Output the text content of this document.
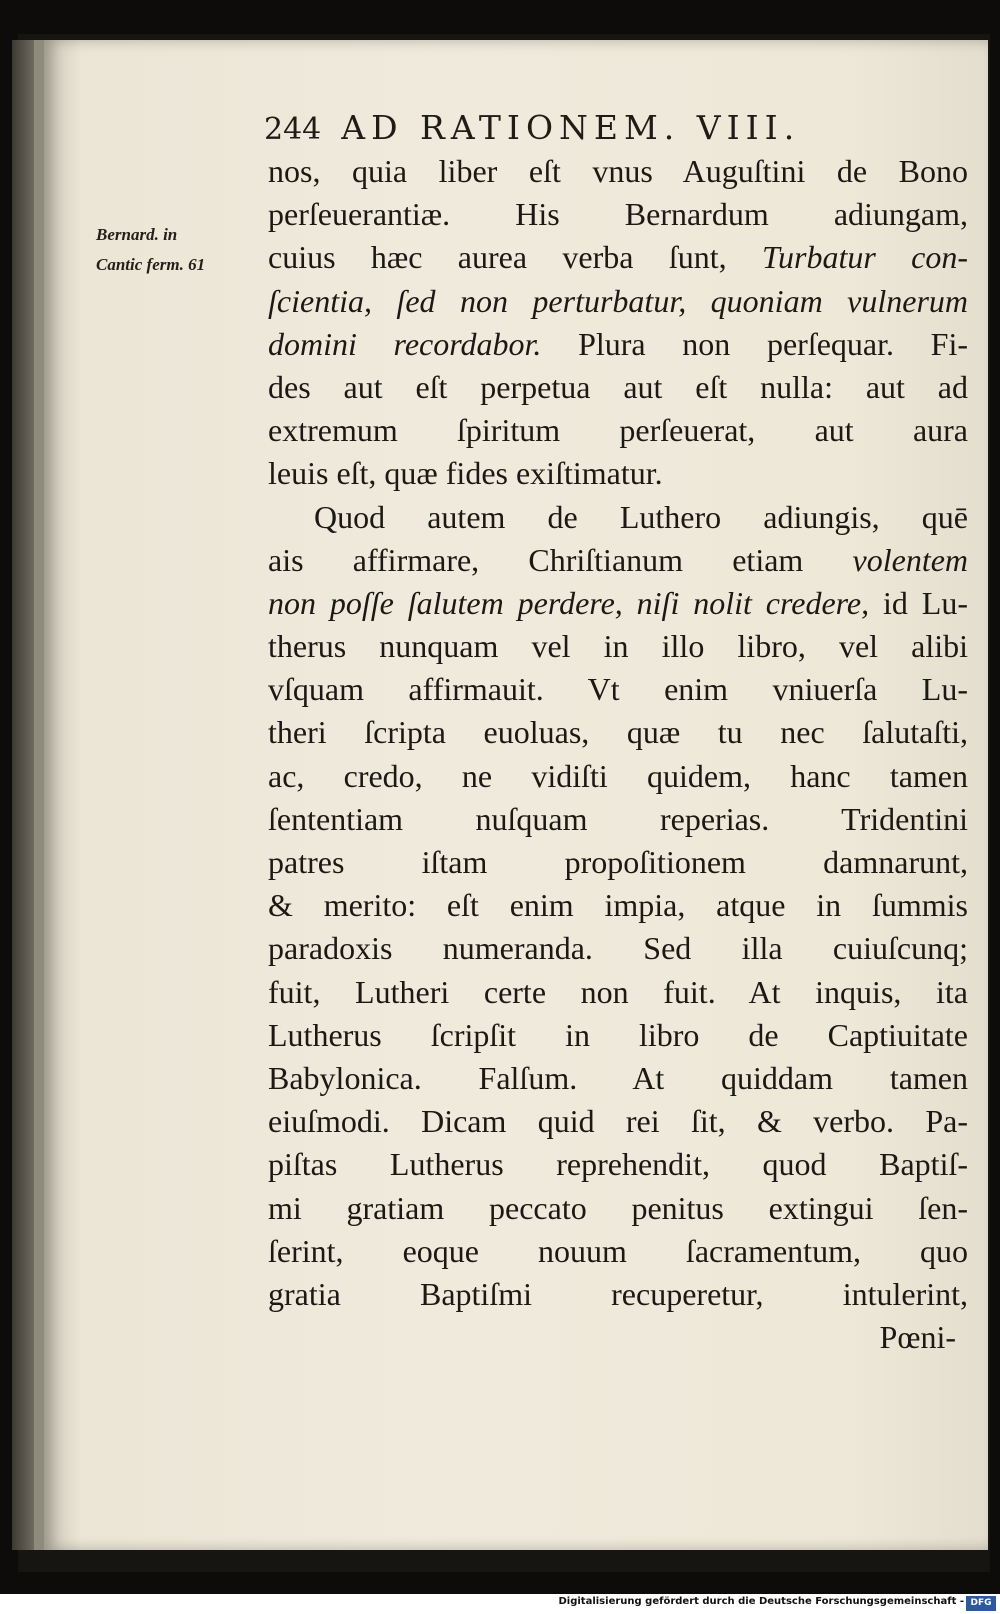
244 AD RATIONEM. VIII.
Bernard. in
Cantic ferm. 61
nos, quia liber eſt vnus Auguſtini de Bono
perſeuerantiæ. His Bernardum adiungam,
cuius hæc aurea verba ſunt, Turbatur con-
ſcientia, ſed non perturbatur, quoniam vulnerum
domini recordabor. Plura non perſequar. Fi-
des aut eſt perpetua aut eſt nulla: aut ad
extremum ſpiritum perſeuerat, aut aura
leuis eſt, quæ fides exiſtimatur.
Quod autem de Luthero adiungis, quē
ais affirmare, Chriſtianum etiam volentem
non poſſe ſalutem perdere, niſi nolit credere, id Lu-
therus nunquam vel in illo libro, vel alibi
vſquam affirmauit. Vt enim vniuerſa Lu-
theri ſcripta euoluas, quæ tu nec ſalutaſti,
ac, credo, ne vidiſti quidem, hanc tamen
ſententiam nuſquam reperias. Tridentini
patres iſtam propoſitionem damnarunt,
& merito: eſt enim impia, atque in ſummis
paradoxis numeranda. Sed illa cuiuſcunq;
fuit, Lutheri certe non fuit. At inquis, ita
Lutherus ſcripſit in libro de Captiuitate
Babylonica. Falſum. At quiddam tamen
eiuſmodi. Dicam quid rei ſit, & verbo. Pa-
piſtas Lutherus reprehendit, quod Baptiſ-
mi gratiam peccato penitus extingui ſen-
ſerint, eoque nouum ſacramentum, quo
gratia Baptiſmi recuperetur, intulerint,
Pœni-
Digitalisierung gefördert durch die Deutsche Forschungsgemeinschaft - DFG
